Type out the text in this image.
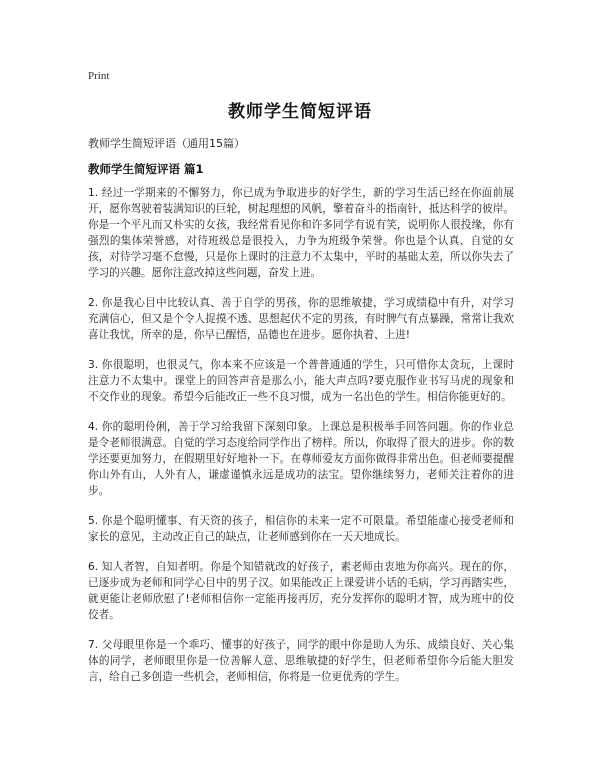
Print
教师学生简短评语
教师学生简短评语（通用15篇）
教师学生简短评语 篇1

1. 经过一学期来的不懈努力，你已成为争取进步的好学生，新的学习生活已经在你面前展开，愿你驾驶着装满知识的巨轮，树起理想的风帆，擎着奋斗的指南针，抵达科学的彼岸。你是一个平凡而又朴实的女孩，我经常看见你和许多同学有说有笑，说明你人很投缘，你有强烈的集体荣誉感，对待班级总是很投入，力争为班级争荣誉。你也是个认真、自觉的女孩，对待学习毫不怠慢，只是你上课时的注意力不太集中，平时的基础太差，所以你失去了学习的兴趣。愿你注意改掉这些问题，奋发上进。

2. 你是我心目中比较认真、善于自学的男孩，你的思维敏捷，学习成绩稳中有升，对学习充满信心，但又是个令人捉摸不透、思想起伏不定的男孩，有时脾气有点暴躁，常常让我欢喜让我忧，所幸的是，你早已醒悟，品德也在进步。愿你执着、上进!

3. 你很聪明，也很灵气，你本来不应该是一个普普通通的学生，只可惜你太贪玩，上课时注意力不太集中。课堂上的回答声音是那么小，能大声点吗?要克服作业书写马虎的现象和不交作业的现象。希望今后能改正一些不良习惯，成为一名出色的学生。相信你能更好的。

4. 你的聪明伶俐，善于学习给我留下深刻印象。上课总是积极举手回答问题。你的作业总是令老师很满意。自觉的学习态度给同学作出了榜样。所以，你取得了很大的进步。你的数学还要更加努力，在假期里好好地补一下。在尊师爱友方面你做得非常出色。但老师要提醒你山外有山，人外有人，谦虚谨慎永远是成功的法宝。望你继续努力，老师关注着你的进步。

5. 你是个聪明懂事、有天资的孩子，相信你的未来一定不可限量。希望能虚心接受老师和家长的意见，主动改正自己的缺点，让老师感到你在一天天地成长。

6. 知人者智，自知者明。你是个知错就改的好孩子，素老师由衷地为你高兴。现在的你，已逐步成为老师和同学心目中的男子汉。如果能改正上课爱讲小话的毛病，学习再踏实些，就更能让老师欣慰了!老师相信你一定能再接再厉，充分发挥你的聪明才智，成为班中的佼佼者。

7. 父母眼里你是一个乖巧、懂事的好孩子，同学的眼中你是助人为乐、成绩良好、关心集体的同学，老师眼里你是一位善解人意、思维敏捷的好学生，但老师希望你今后能大胆发言，给自己多创造一些机会，老师相信，你将是一位更优秀的学生。
